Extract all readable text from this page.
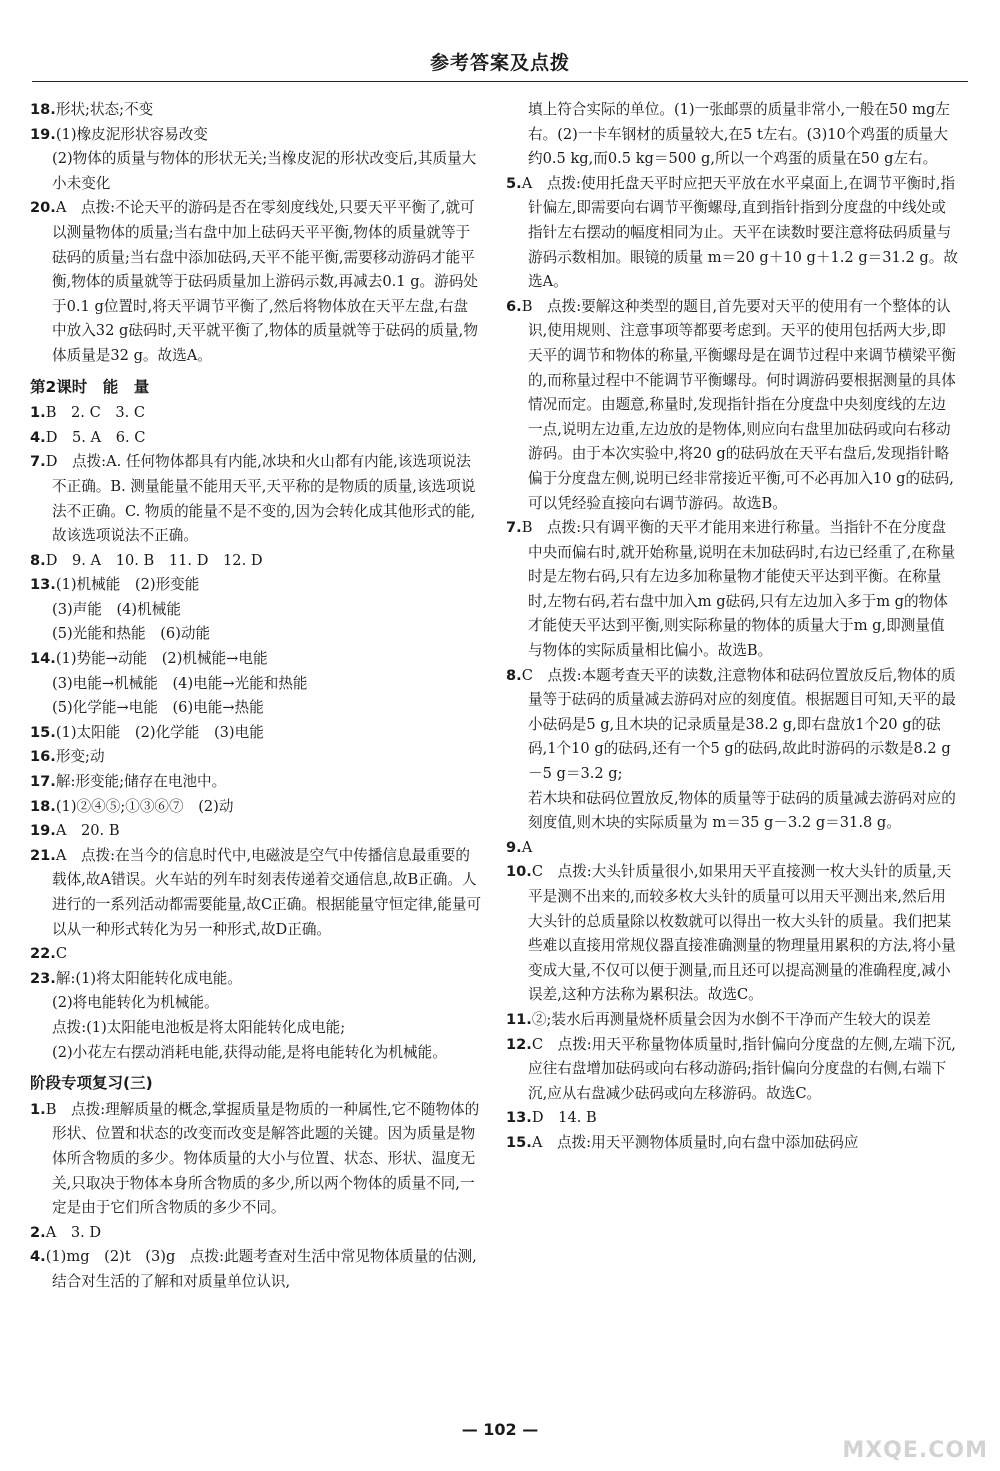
参考答案及点拨

18.形状;状态;不变

19.(1)橡皮泥形状容易改变

(2)物体的质量与物体的形状无关;当橡皮泥的形状改变后,其质量大小未变化

20.A　点拨:不论天平的游码是否在零刻度线处,只要天平平衡了,就可以测量物体的质量;当右盘中加上砝码天平平衡,物体的质量就等于砝码的质量;当右盘中添加砝码,天平不能平衡,需要移动游码才能平衡,物体的质量就等于砝码质量加上游码示数,再减去0.1 g。游码处于0.1 g位置时,将天平调节平衡了,然后将物体放在天平左盘,右盘中放入32 g砝码时,天平就平衡了,物体的质量就等于砝码的质量,物体质量是32 g。故选A。

第2课时　能　量

1.B　2. C　3. C

4.D　5. A　6. C

7.D　点拨:A. 任何物体都具有内能,冰块和火山都有内能,该选项说法不正确。B. 测量能量不能用天平,天平称的是物质的质量,该选项说法不正确。C. 物质的能量不是不变的,因为会转化成其他形式的能,故该选项说法不正确。

8.D　9. A　10. B　11. D　12. D

13.(1)机械能　(2)形变能

(3)声能　(4)机械能

(5)光能和热能　(6)动能

14.(1)势能→动能　(2)机械能→电能

(3)电能→机械能　(4)电能→光能和热能

(5)化学能→电能　(6)电能→热能

15.(1)太阳能　(2)化学能　(3)电能

16.形变;动

17.解:形变能;储存在电池中。

18.(1)②④⑤;①③⑥⑦　(2)动

19.A　20. B

21.A　点拨:在当今的信息时代中,电磁波是空气中传播信息最重要的载体,故A错误。火车站的列车时刻表传递着交通信息,故B正确。人进行的一系列活动都需要能量,故C正确。根据能量守恒定律,能量可以从一种形式转化为另一种形式,故D正确。

22.C

23.解:(1)将太阳能转化成电能。

(2)将电能转化为机械能。

点拨:(1)太阳能电池板是将太阳能转化成电能;

(2)小花左右摆动消耗电能,获得动能,是将电能转化为机械能。

阶段专项复习(三)

1.B　点拨:理解质量的概念,掌握质量是物质的一种属性,它不随物体的形状、位置和状态的改变而改变是解答此题的关键。因为质量是物体所含物质的多少。物体质量的大小与位置、状态、形状、温度无关,只取决于物体本身所含物质的多少,所以两个物体的质量不同,一定是由于它们所含物质的多少不同。

2.A　3. D

4.(1)mg　(2)t　(3)g　点拨:此题考查对生活中常见物体质量的估测,结合对生活的了解和对质量单位认识,

填上符合实际的单位。(1)一张邮票的质量非常小,一般在50 mg左右。(2)一卡车钢材的质量较大,在5 t左右。(3)10个鸡蛋的质量大约0.5 kg,而0.5 kg＝500 g,所以一个鸡蛋的质量在50 g左右。

5.A　点拨:使用托盘天平时应把天平放在水平桌面上,在调节平衡时,指针偏左,即需要向右调节平衡螺母,直到指针指到分度盘的中线处或指针左右摆动的幅度相同为止。天平在读数时要注意将砝码质量与游码示数相加。眼镜的质量 m＝20 g＋10 g＋1.2 g＝31.2 g。故选A。

6.B　点拨:要解这种类型的题目,首先要对天平的使用有一个整体的认识,使用规则、注意事项等都要考虑到。天平的使用包括两大步,即天平的调节和物体的称量,平衡螺母是在调节过程中来调节横梁平衡的,而称量过程中不能调节平衡螺母。何时调游码要根据测量的具体情况而定。由题意,称量时,发现指针指在分度盘中央刻度线的左边一点,说明左边重,左边放的是物体,则应向右盘里加砝码或向右移动游码。由于本次实验中,将20 g的砝码放在天平右盘后,发现指针略偏于分度盘左侧,说明已经非常接近平衡,可不必再加入10 g的砝码,可以凭经验直接向右调节游码。故选B。

7.B　点拨:只有调平衡的天平才能用来进行称量。当指针不在分度盘中央而偏右时,就开始称量,说明在未加砝码时,右边已经重了,在称量时是左物右码,只有左边多加称量物才能使天平达到平衡。在称量时,左物右码,若右盘中加入m g砝码,只有左边加入多于m g的物体才能使天平达到平衡,则实际称量的物体的质量大于m g,即测量值与物体的实际质量相比偏小。故选B。

8.C　点拨:本题考查天平的读数,注意物体和砝码位置放反后,物体的质量等于砝码的质量减去游码对应的刻度值。根据题目可知,天平的最小砝码是5 g,且木块的记录质量是38.2 g,即右盘放1个20 g的砝码,1个10 g的砝码,还有一个5 g的砝码,故此时游码的示数是8.2 g－5 g＝3.2 g;

若木块和砝码位置放反,物体的质量等于砝码的质量减去游码对应的刻度值,则木块的实际质量为 m＝35 g－3.2 g＝31.8 g。

9.A

10.C　点拨:大头针质量很小,如果用天平直接测一枚大头针的质量,天平是测不出来的,而较多枚大头针的质量可以用天平测出来,然后用大头针的总质量除以枚数就可以得出一枚大头针的质量。我们把某些难以直接用常规仪器直接准确测量的物理量用累积的方法,将小量变成大量,不仅可以便于测量,而且还可以提高测量的准确程度,减小误差,这种方法称为累积法。故选C。

11.②;装水后再测量烧杯质量会因为水倒不干净而产生较大的误差

12.C　点拨:用天平称量物体质量时,指针偏向分度盘的左侧,左端下沉,应往右盘增加砝码或向右移动游码;指针偏向分度盘的右侧,右端下沉,应从右盘减少砝码或向左移游码。故选C。

13.D　14. B

15.A　点拨:用天平测物体质量时,向右盘中添加砝码应

— 102 —
MXQE.COM
